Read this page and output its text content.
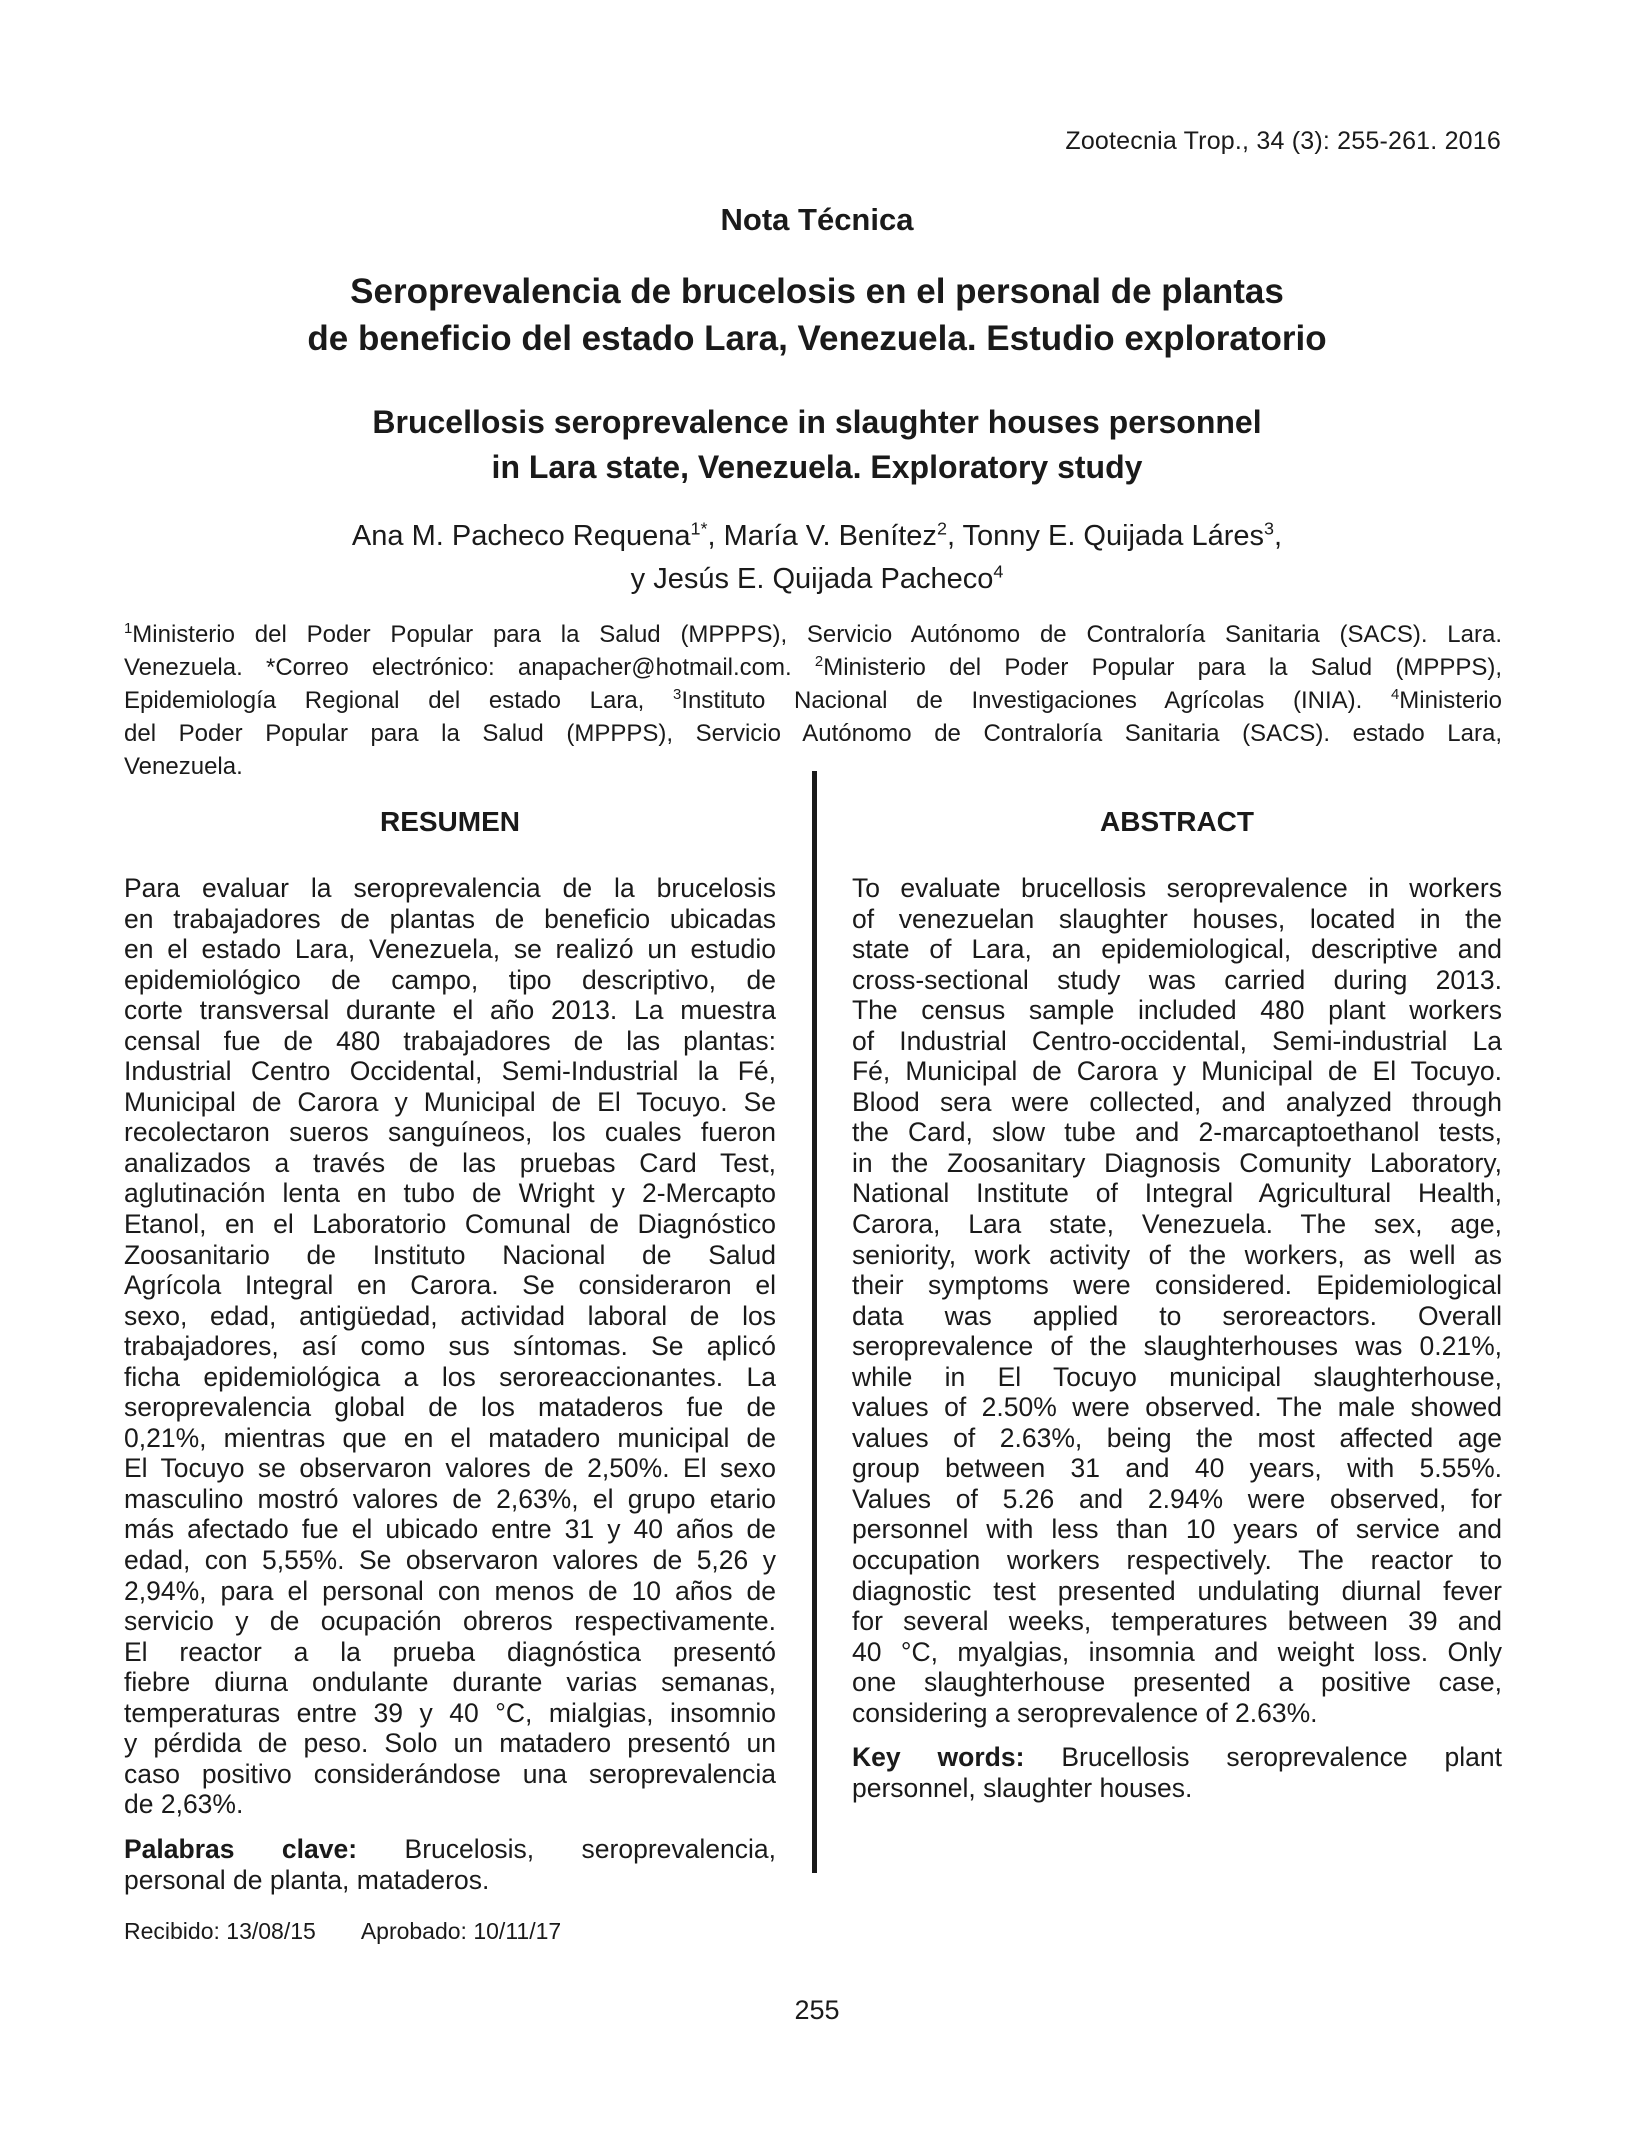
Zootecnia Trop., 34 (3): 255-261. 2016
Nota Técnica
Seroprevalencia de brucelosis en el personal de plantas
de beneficio del estado Lara, Venezuela. Estudio exploratorio
Brucellosis seroprevalence in slaughter houses personnel
in Lara state, Venezuela. Exploratory study
Ana M. Pacheco Requena$^{1*}$, María V. Benítez$^2$, Tonny E. Quijada Láres$^3$,
y Jesús E. Quijada Pacheco$^4$
$^1$Ministerio del Poder Popular para la Salud (MPPPS), Servicio Autónomo de Contraloría Sanitaria (SACS). Lara.
Venezuela. *Correo electrónico: anapacher@hotmail.com. $^2$Ministerio del Poder Popular para la Salud (MPPPS),
Epidemiología Regional del estado Lara, $^3$Instituto Nacional de Investigaciones Agrícolas (INIA). $^4$Ministerio
del Poder Popular para la Salud (MPPPS), Servicio Autónomo de Contraloría Sanitaria (SACS). estado Lara,
Venezuela.
RESUMEN
Para evaluar la seroprevalencia de la brucelosis
en trabajadores de plantas de beneficio ubicadas
en el estado Lara, Venezuela, se realizó un estudio
epidemiológico de campo, tipo descriptivo, de
corte transversal durante el año 2013. La muestra
censal fue de 480 trabajadores de las plantas:
Industrial Centro Occidental, Semi-Industrial la Fé,
Municipal de Carora y Municipal de El Tocuyo. Se
recolectaron sueros sanguíneos, los cuales fueron
analizados a través de las pruebas Card Test,
aglutinación lenta en tubo de Wright y 2-Mercapto
Etanol, en el Laboratorio Comunal de Diagnóstico
Zoosanitario de Instituto Nacional de Salud
Agrícola Integral en Carora. Se consideraron el
sexo, edad, antigüedad, actividad laboral de los
trabajadores, así como sus síntomas. Se aplicó
ficha epidemiológica a los seroreaccionantes. La
seroprevalencia global de los mataderos fue de
0,21%, mientras que en el matadero municipal de
El Tocuyo se observaron valores de 2,50%. El sexo
masculino mostró valores de 2,63%, el grupo etario
más afectado fue el ubicado entre 31 y 40 años de
edad, con 5,55%. Se observaron valores de 5,26 y
2,94%, para el personal con menos de 10 años de
servicio y de ocupación obreros respectivamente.
El reactor a la prueba diagnóstica presentó
fiebre diurna ondulante durante varias semanas,
temperaturas entre 39 y 40 °C, mialgias, insomnio
y pérdida de peso. Solo un matadero presentó un
caso positivo considerándose una seroprevalencia
de 2,63%.
Palabras clave: Brucelosis, seroprevalencia,
personal de planta, mataderos.
ABSTRACT
To evaluate brucellosis seroprevalence in workers
of venezuelan slaughter houses, located in the
state of Lara, an epidemiological, descriptive and
cross-sectional study was carried during 2013.
The census sample included 480 plant workers
of Industrial Centro-occidental, Semi-industrial La
Fé, Municipal de Carora y Municipal de El Tocuyo.
Blood sera were collected, and analyzed through
the Card, slow tube and 2-marcaptoethanol tests,
in the Zoosanitary Diagnosis Comunity Laboratory,
National Institute of Integral Agricultural Health,
Carora, Lara state, Venezuela. The sex, age,
seniority, work activity of the workers, as well as
their symptoms were considered. Epidemiological
data was applied to seroreactors. Overall
seroprevalence of the slaughterhouses was 0.21%,
while in El Tocuyo municipal slaughterhouse,
values of 2.50% were observed. The male showed
values of 2.63%, being the most affected age
group between 31 and 40 years, with 5.55%.
Values of 5.26 and 2.94% were observed, for
personnel with less than 10 years of service and
occupation workers respectively. The reactor to
diagnostic test presented undulating diurnal fever
for several weeks, temperatures between 39 and
40 °C, myalgias, insomnia and weight loss. Only
one slaughterhouse presented a positive case,
considering a seroprevalence of 2.63%.
Key words: Brucellosis seroprevalence plant
personnel, slaughter houses.
Recibido: 13/08/15 Aprobado: 10/11/17
255
